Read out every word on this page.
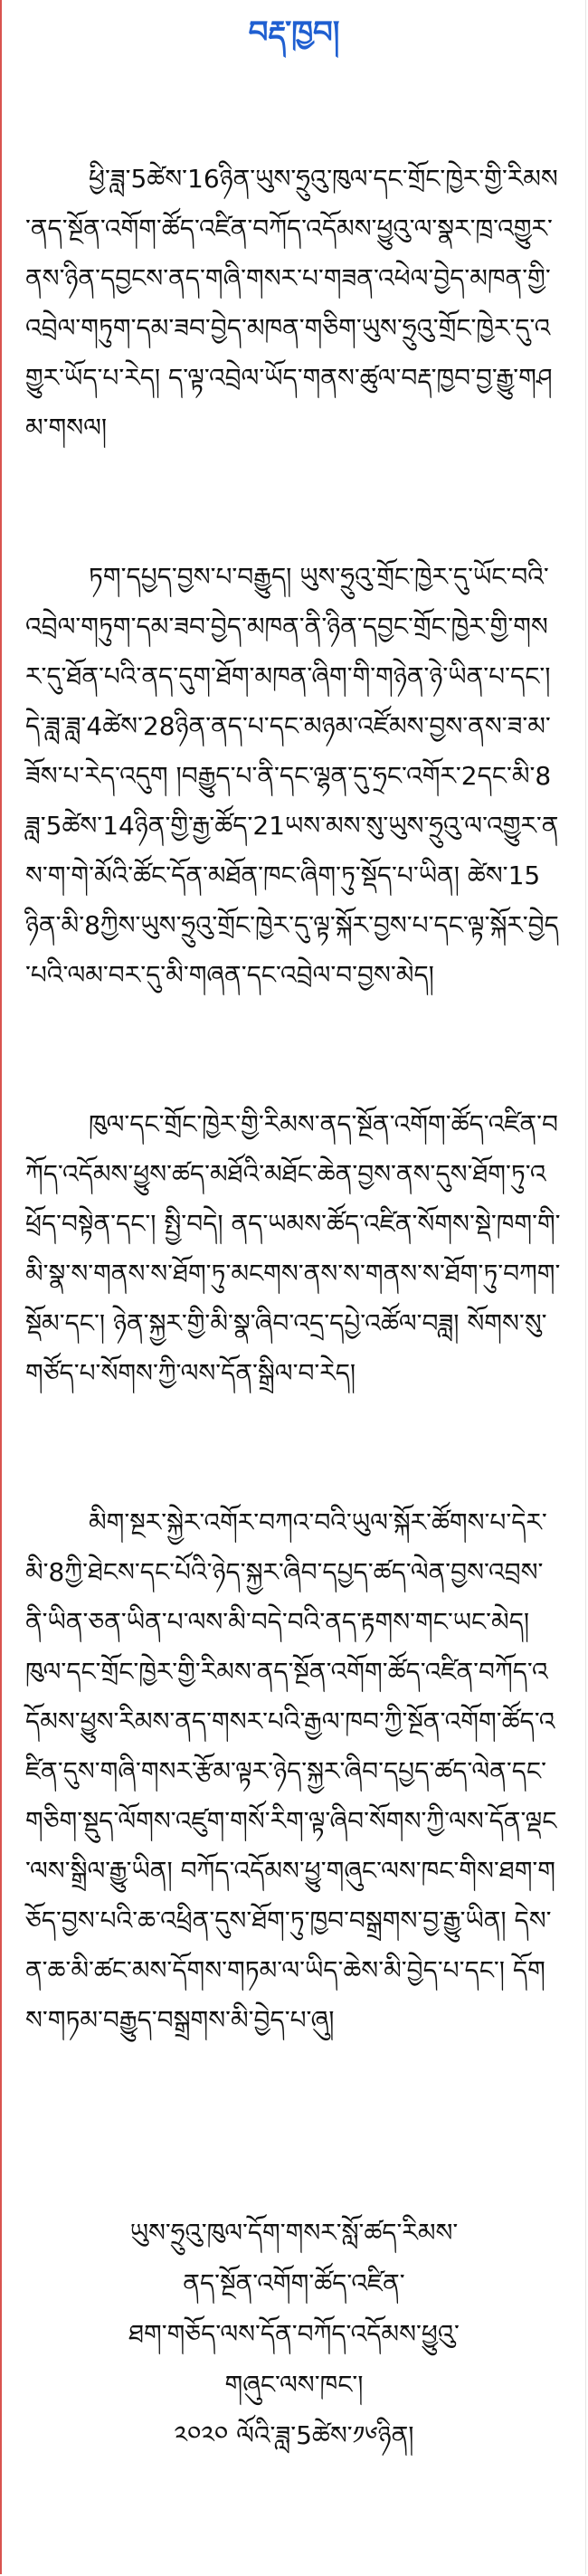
བརྡ་ཁྱབ།

ཕྱི་ཟླ་5ཚེས་16ཉིན་ཡུས་ཧྲུའུ་ཁུལ་དང་གྲོང་ཁྱེར་གྱི་རིམས་ནད་སྔོན་འགོག་ཚོད་འཛིན་བཀོད་འདོམས་ཕྱུའུ་ལ་སྣར་ཁྲ་འགྱུར་ནས་ཉིན་དབྱངས་ནད་གཞི་གསར་པ་གཟན་འཕེལ་བྱེད་མཁན་གྱི་འབྲེལ་གཏུག་དམ་ཟབ་བྱེད་མཁན་གཅིག་ཡུས་ཧྲུའུ་གྲོང་ཁྱེར་དུ་འགྱུར་ཡོད་པ་རེད། ད་ལྟ་འབྲེལ་ཡོད་གནས་ཚུལ་བརྡ་ཁྱབ་བྱ་རྒྱུ་གཤམ་གསལ།

ཏག་དཔྱད་བྱས་པ་བརྒྱུད། ཡུས་ཧྲུའུ་གྲོང་ཁྱེར་དུ་ཡོང་བའི་འབྲེལ་གཏུག་དམ་ཟབ་བྱེད་མཁན་ནི་ཉིན་དབྱང་གྲོང་ཁྱེར་གྱི་གསར་དུ་ཐོན་པའི་ནད་དུག་ཐོག་མཁན་ཞིག་གི་གཉེན་ཉེ་ཡིན་པ་དང་། དེ་ཟླ་ཟླ་4ཚེས་28ཉིན་ནད་པ་དང་མཉམ་འཛོམས་བྱས་ནས་ཟ་མ་ཟོས་པ་རེད་འདུག །བརྒྱུད་པ་ནི་དང་ལྷན་དུ་ཧྲང་འགོར་2དང་མི་8ཟླ་5ཚེས་14ཉིན་གྱི་རྒྱ་ཚོད་21ཡས་མས་སུ་ཡུས་ཧྲུའུ་ལ་འགྱུར་ནས་ག་གེ་མོའི་ཚོང་དོན་མཐོན་ཁང་ཞིག་ཏུ་སྡོད་པ་ཡིན། ཚེས་15ཉིན་མི་8ཀྱིས་ཡུས་ཧྲུའུ་གྲོང་ཁྱེར་དུ་ལྟ་སྐོར་བྱས་པ་དང་ལྟ་སྐོར་བྱེད་པའི་ལམ་བར་དུ་མི་གཞན་དང་འབྲེལ་བ་བྱས་མེད།

ཁུལ་དང་གྲོང་ཁྱེར་གྱི་རིམས་ནད་སྔོན་འགོག་ཚོད་འཛིན་བཀོད་འདོམས་ཕྱུས་ཚད་མཐོའི་མཐོང་ཆེན་བྱས་ནས་དུས་ཐོག་ཏུ་འཕྲོད་བསྟེན་དང་། སྤྱི་བདེ། ནད་ཡམས་ཚོད་འཛིན་སོགས་སྡེ་ཁག་གི་མི་སྣ་ས་གནས་ས་ཐོག་ཏུ་མངགས་ནས་ས་གནས་ས་ཐོག་ཏུ་བཀག་སྡོམ་དང་། ཉེན་སྐྱར་གྱི་མི་སྣ་ཞིབ་འདྲ་དཔྱེ་འཚོལ་བཟླ། སོགས་སུ་གཙོད་པ་སོགས་ཀྱི་ལས་དོན་སྒྲིལ་བ་རེད།

མིག་སྔར་སྐྱེར་འགོར་བཀའ་བའི་ཡུལ་སྐོར་ཚོགས་པ་དེར་མི་8ཀྱི་ཐེངས་དང་པོའི་ཉེད་སྐྱར་ཞིབ་དཔྱད་ཚད་ལེན་བྱས་འབྲས་ནི་ཡིན་ཅན་ཡིན་པ་ལས་མི་བདེ་བའི་ནད་རྟགས་གང་ཡང་མེད། ཁུལ་དང་གྲོང་ཁྱེར་གྱི་རིམས་ནད་སྔོན་འགོག་ཚོད་འཛིན་བཀོད་འདོམས་ཕྱུས་རིམས་ནད་གསར་པའི་རྒྱལ་ཁབ་ཀྱི་སྔོན་འགོག་ཚོད་འཛིན་དུས་གཞི་གསར་རྩོམ་ལྟར་ཉེད་སྐྱར་ཞིབ་དཔྱད་ཚད་ལེན་དང་གཅིག་སྡུད་ལོགས་འཛུག་གསོ་རིག་ལྟ་ཞིབ་སོགས་ཀྱི་ལས་དོན་ལྡང་ལས་སྒྲིལ་རྒྱུ་ཡིན། བཀོད་འདོམས་ཕྱུ་གཞུང་ལས་ཁང་གིས་ཐག་གཅོད་བྱས་པའི་ཆ་འཕྲིན་དུས་ཐོག་ཏུ་ཁྱབ་བསྒྲགས་བྱ་རྒྱུ་ཡིན། དེས་ན་ཆ་མི་ཚང་མས་དོགས་གཏམ་ལ་ཡིད་ཆེས་མི་བྱེད་པ་དང་། དོགས་གཏམ་བརྒྱུད་བསྒྲགས་མི་བྱེད་པ་ཞུ།

ཡུས་ཧྲུའུ་ཁུལ་དོག་གསར་སློ་ཚད་རིམས་
ནད་སྔོན་འགོག་ཚོད་འཛིན་
ཐག་གཅོད་ལས་དོན་བཀོད་འདོམས་ཕྱུའུ་
གཞུང་ལས་ཁང་།
༢༠༢༠ ལོའི་ཟླ་5ཚེས་༡༦ཉིན།
